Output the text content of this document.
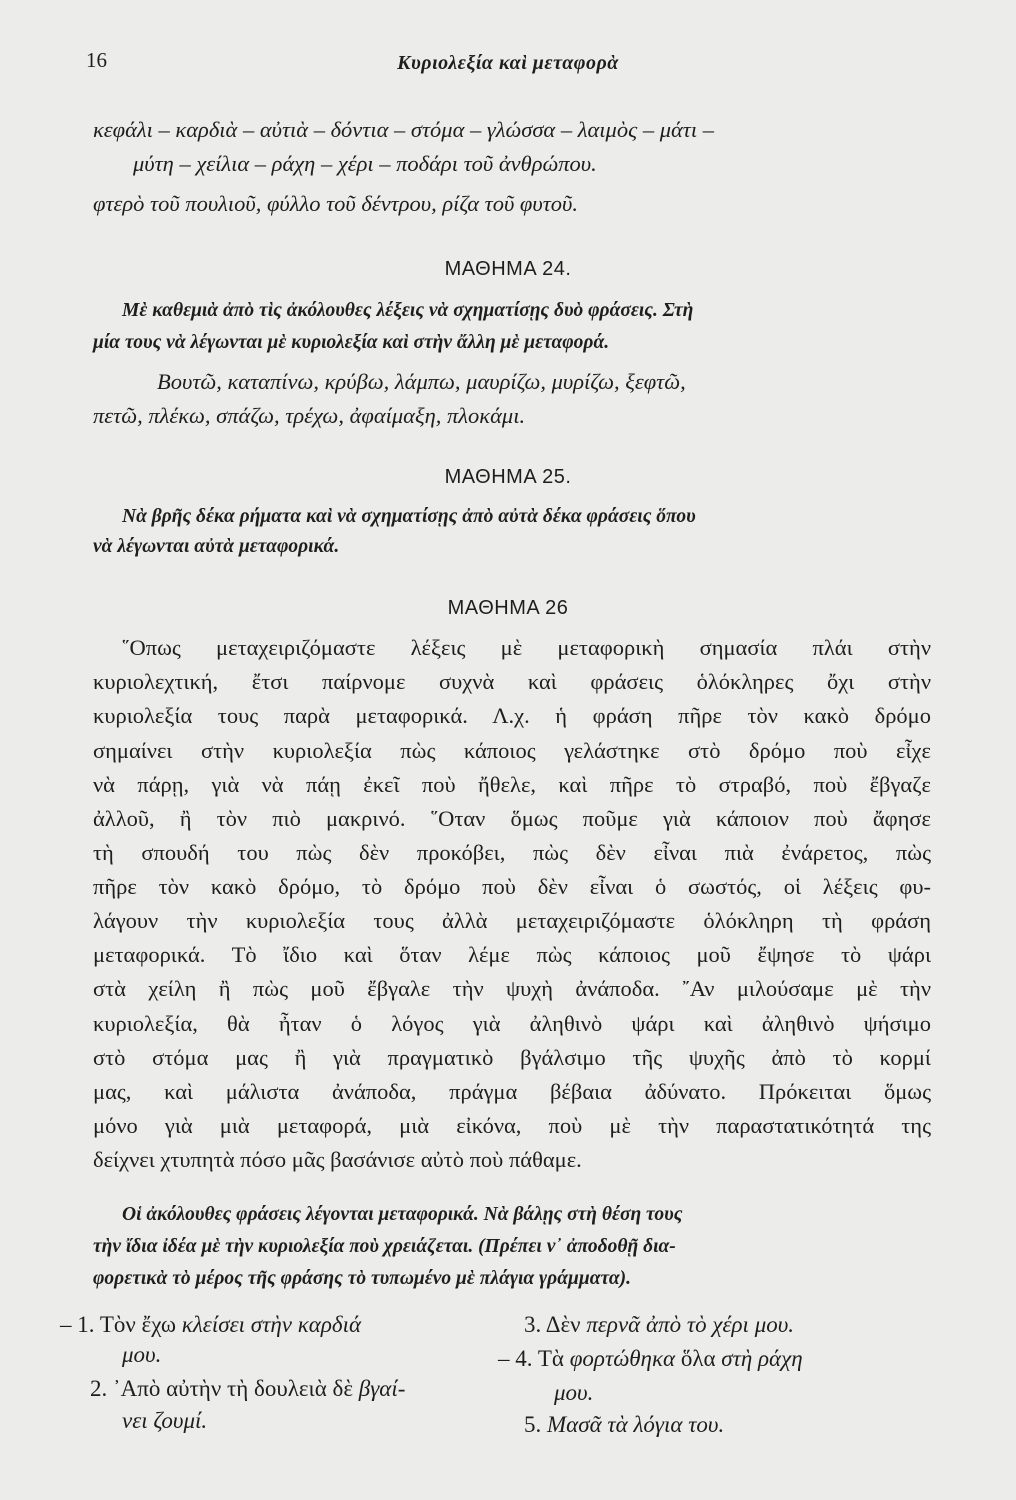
16	Κυριολεξία καὶ μεταφορὰ
κεφάλι – καρδιὰ – αὐτιὰ – δόντια – στόμα – γλώσσα – λαιμὸς – μάτι –
μύτη – χείλια – ράχη – χέρι – ποδάρι τοῦ ἀνθρώπου.
φτερὸ τοῦ πουλιοῦ, φύλλο τοῦ δέντρου, ρίζα τοῦ φυτοῦ.
ΜΑΘΗΜΑ 24.
Μὲ καθεμιὰ ἀπὸ τὶς ἀκόλουθες λέξεις νὰ σχηματίσῃς δυὸ φράσεις. Στὴ
μία τους νὰ λέγωνται μὲ κυριολεξία καὶ στὴν ἄλλη μὲ μεταφορά.
Βουτῶ, καταπίνω, κρύβω, λάμπω, μαυρίζω, μυρίζω, ξεφτῶ,
πετῶ, πλέκω, σπάζω, τρέχω, ἀφαίμαξη, πλοκάμι.
ΜΑΘΗΜΑ 25.
Νὰ βρῆς δέκα ρήματα καὶ νὰ σχηματίσῃς ἀπὸ αὐτὰ δέκα φράσεις ὅπου
νὰ λέγωνται αὐτὰ μεταφορικά.
ΜΑΘΗΜΑ 26
῞Οπως μεταχειριζόμαστε λέξεις μὲ μεταφορικὴ σημασία πλάι στὴν
κυριολεχτική, ἔτσι παίρνομε συχνὰ καὶ φράσεις ὁλόκληρες ὄχι στὴν
κυριολεξία τους παρὰ μεταφορικά. Λ.χ. ἡ φράση πῆρε τὸν κακὸ δρόμο
σημαίνει στὴν κυριολεξία πὼς κάποιος γελάστηκε στὸ δρόμο ποὺ εἶχε
νὰ πάρῃ, γιὰ νὰ πάῃ ἐκεῖ ποὺ ἤθελε, καὶ πῆρε τὸ στραβό, ποὺ ἔβγαζε
ἀλλοῦ, ἢ τὸν πιὸ μακρινό. ῞Οταν ὅμως ποῦμε γιὰ κάποιον ποὺ ἄφησε
τὴ σπουδή του πὼς δὲν προκόβει, πὼς δὲν εἶναι πιὰ ἐνάρετος, πὼς
πῆρε τὸν κακὸ δρόμο, τὸ δρόμο ποὺ δὲν εἶναι ὁ σωστός, οἱ λέξεις φυ-
λάγουν τὴν κυριολεξία τους ἀλλὰ μεταχειριζόμαστε ὁλόκληρη τὴ φράση
μεταφορικά. Τὸ ἴδιο καὶ ὅταν λέμε πὼς κάποιος μοῦ ἔψησε τὸ ψάρι
στὰ χείλη ἢ πὼς μοῦ ἔβγαλε τὴν ψυχὴ ἀνάποδα. ῎Αν μιλούσαμε μὲ τὴν
κυριολεξία, θὰ ἦταν ὁ λόγος γιὰ ἀληθινὸ ψάρι καὶ ἀληθινὸ ψήσιμο
στὸ στόμα μας ἢ γιὰ πραγματικὸ βγάλσιμο τῆς ψυχῆς ἀπὸ τὸ κορμί
μας, καὶ μάλιστα ἀνάποδα, πράγμα βέβαια ἀδύνατο. Πρόκειται ὅμως
μόνο γιὰ μιὰ μεταφορά, μιὰ εἰκόνα, ποὺ μὲ τὴν παραστατικότητά της
δείχνει χτυπητὰ πόσο μᾶς βασάνισε αὐτὸ ποὺ πάθαμε.
Οἱ ἀκόλουθες φράσεις λέγονται μεταφορικά. Νὰ βάλῃς στὴ θέση τους
τὴν ἴδια ἰδέα μὲ τὴν κυριολεξία ποὺ χρειάζεται. (Πρέπει ν᾿ ἀποδοθῇ δια-
φορετικὰ τὸ μέρος τῆς φράσης τὸ τυπωμένο μὲ πλάγια γράμματα).
– 1. Τὸν ἔχω κλείσει στὴν καρδιά
μου.
2. ᾿Απὸ αὐτὴν τὴ δουλειὰ δὲ βγαί-
νει ζουμί.
3. Δὲν περνᾶ ἀπὸ τὸ χέρι μου.
– 4. Τὰ φορτώθηκα ὅλα στὴ ράχη
μου.
5. Μασᾶ τὰ λόγια του.
